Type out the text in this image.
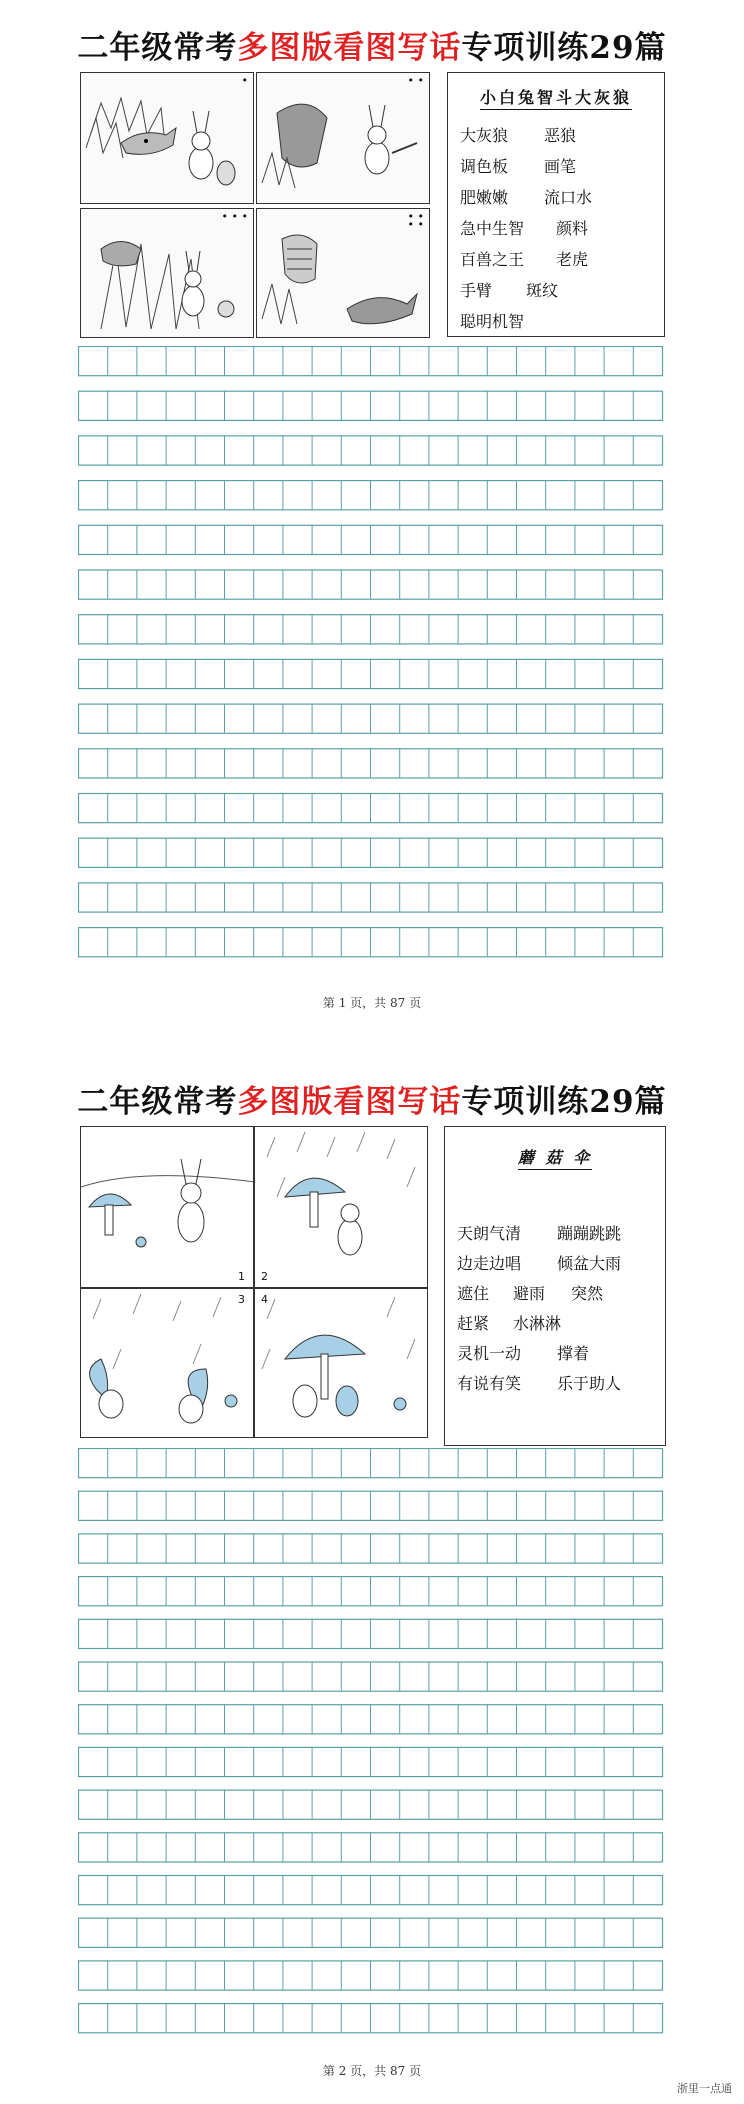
二年级常考多图版看图写话专项训练29篇
•	• •
• • •	• •
• •
小白兔智斗大灰狼
大灰狼 恶狼
调色板 画笔
肥嫩嫩 流口水
急中生智 颜料
百兽之王 老虎
手臂 斑纹
聪明机智
第 1 页，共 87 页
二年级常考多图版看图写话专项训练29篇
1 2
3 4
蘑 菇 伞
天朗气清 蹦蹦跳跳
边走边唱 倾盆大雨
遮住 避雨 突然
赶紧 水淋淋
灵机一动 撑着
有说有笑 乐于助人
第 2 页，共 87 页
浙里一点通
